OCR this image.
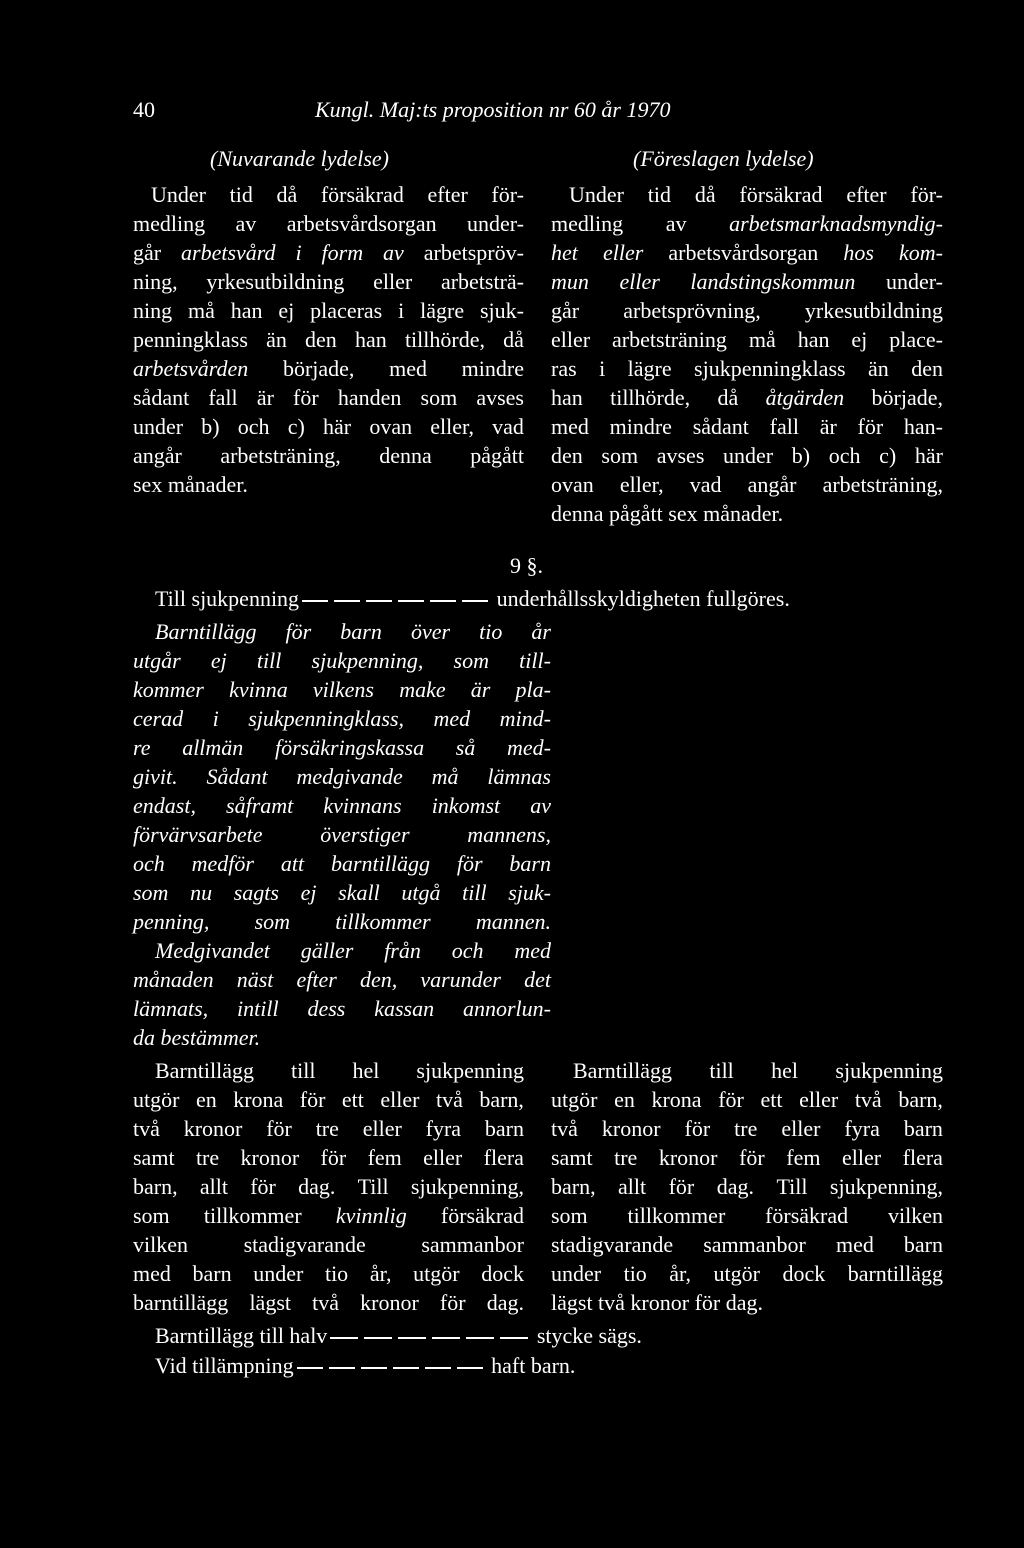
40	Kungl. Maj:ts proposition nr 60 år 1970
(Nuvarande lydelse)
Under tid då försäkrad efter för-
medling av arbetsvårdsorgan under-
går arbetsvård i form av arbetspröv-
ning, yrkesutbildning eller arbetsträ-
ning må han ej placeras i lägre sjuk-
penningklass än den han tillhörde, då
arbetsvården började, med mindre
sådant fall är för handen som avses
under b) och c) här ovan eller, vad
angår arbetsträning, denna pågått
sex månader.
(Föreslagen lydelse)
Under tid då försäkrad efter för-
medling av arbetsmarknadsmyndig-
het eller arbetsvårdsorgan hos kom-
mun eller landstingskommun under-
går arbetsprövning, yrkesutbildning
eller arbetsträning må han ej place-
ras i lägre sjukpenningklass än den
han tillhörde, då åtgärden började,
med mindre sådant fall är för han-
den som avses under b) och c) här
ovan eller, vad angår arbetsträning,
denna pågått sex månader.
9 §.
Till sjukpenning	underhållsskyldigheten fullgöres.
Barntillägg för barn över tio år
utgår ej till sjukpenning, som till-
kommer kvinna vilkens make är pla-
cerad i sjukpenningklass, med mind-
re allmän försäkringskassa så med-
givit. Sådant medgivande må lämnas
endast, såframt kvinnans inkomst av
förvärvsarbete	överstiger	mannens,
och medför att barntillägg för barn
som nu sagts ej skall utgå till sjuk-
penning, som tillkommer mannen.
Medgivandet gäller från och med
månaden näst efter den, varunder det
lämnats, intill dess kassan annorlun-
da bestämmer.
Barntillägg till hel sjukpenning
utgör en krona för ett eller två barn,
två kronor för tre eller fyra barn
samt tre kronor för fem eller flera
barn, allt för dag. Till sjukpenning,
som tillkommer kvinnlig försäkrad
vilken	stadigvarande	sammanbor
med barn under tio år, utgör dock
barntillägg lägst två kronor för dag.
Barntillägg till hel sjukpenning
utgör en krona för ett eller två barn,
två kronor för tre eller fyra barn
samt tre kronor för fem eller flera
barn, allt för dag. Till sjukpenning,
som tillkommer försäkrad vilken
stadigvarande sammanbor med barn
under tio år, utgör dock barntillägg
lägst två kronor för dag.
Barntillägg till halv	stycke sägs.
Vid tillämpning	haft barn.
